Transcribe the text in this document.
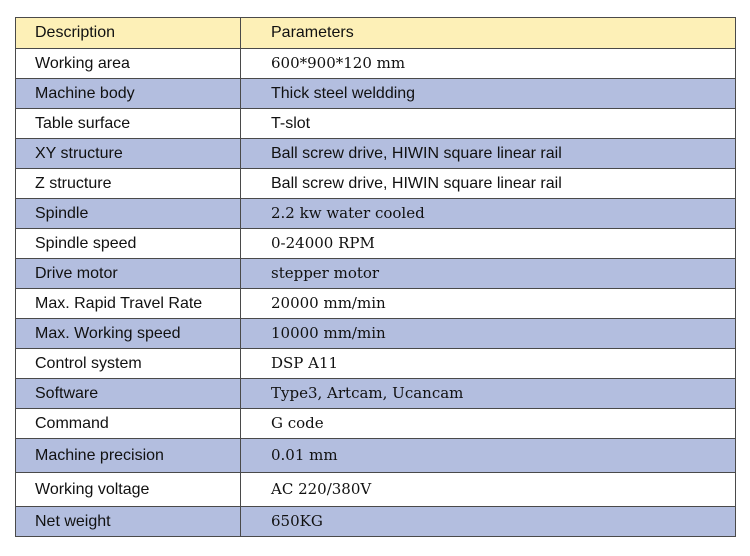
Description	Parameters
Working area	600*900*120 mm
Machine body	Thick steel weldding
Table surface	T-slot
XY structure	Ball screw drive, HIWIN square linear rail
Z structure	Ball screw drive, HIWIN square linear rail
Spindle	2.2 kw water cooled
Spindle speed	0-24000 RPM
Drive motor	stepper motor
Max. Rapid Travel Rate	20000 mm/min
Max. Working speed	10000 mm/min
Control system	DSP A11
Software	Type3, Artcam, Ucancam
Command	G code
Machine precision	0.01 mm
Working voltage	AC 220/380V
Net weight	650KG
